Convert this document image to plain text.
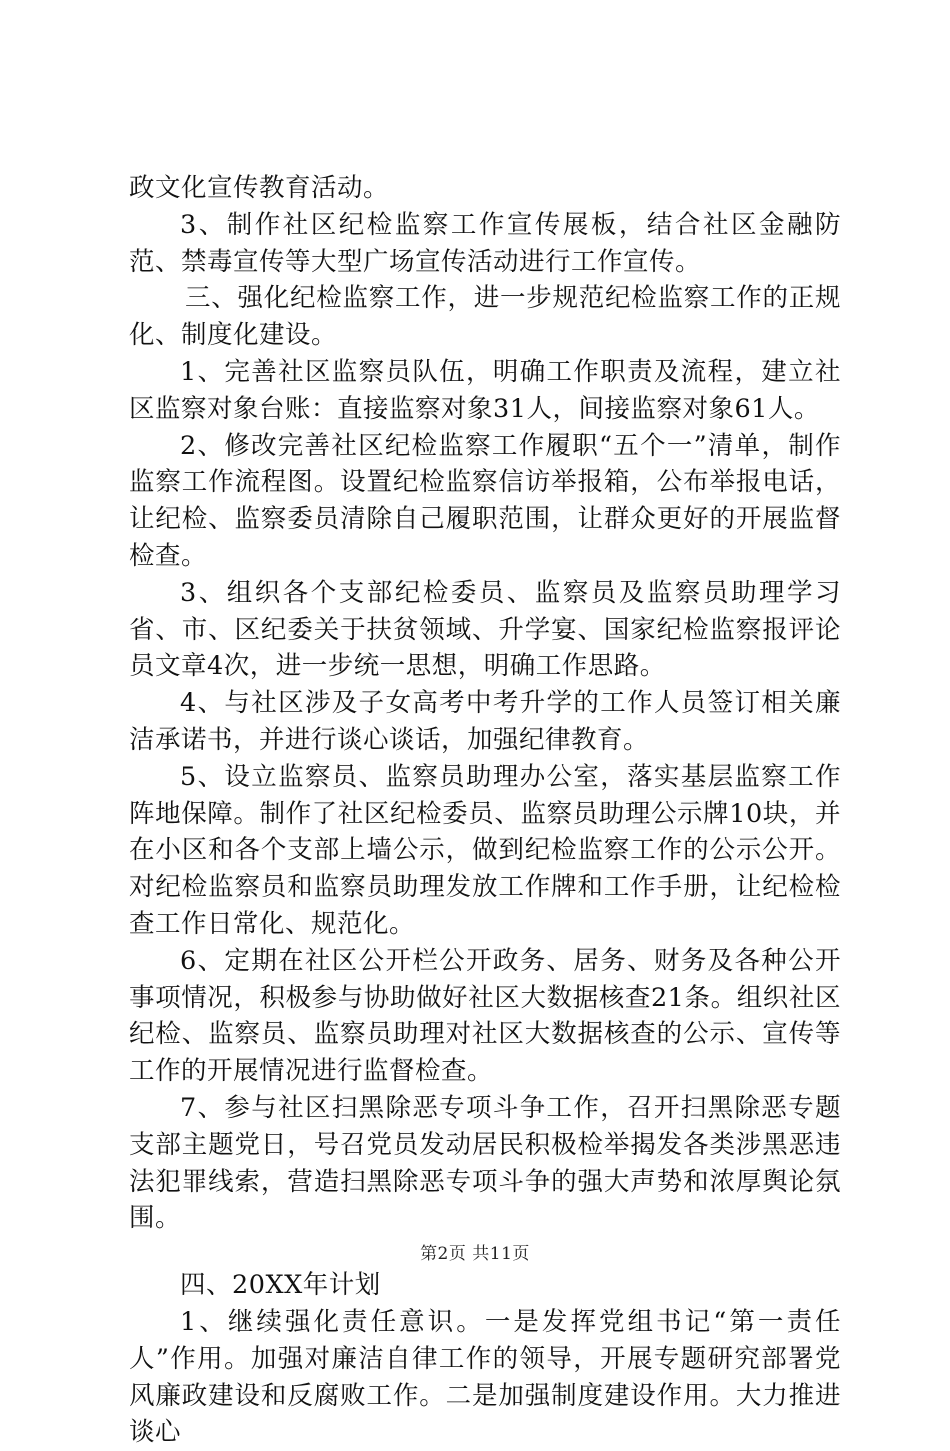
政文化宣传教育活动。

3、制作社区纪检监察工作宣传展板，结合社区金融防范、禁毒宣传等大型广场宣传活动进行工作宣传。

三、强化纪检监察工作，进一步规范纪检监察工作的正规化、制度化建设。

1、完善社区监察员队伍，明确工作职责及流程，建立社区监察对象台账：直接监察对象31人，间接监察对象61人。

2、修改完善社区纪检监察工作履职“五个一”清单，制作监察工作流程图。设置纪检监察信访举报箱，公布举报电话，让纪检、监察委员清除自己履职范围，让群众更好的开展监督检查。

3、组织各个支部纪检委员、监察员及监察员助理学习省、市、区纪委关于扶贫领域、升学宴、国家纪检监察报评论员文章4次，进一步统一思想，明确工作思路。

4、与社区涉及子女高考中考升学的工作人员签订相关廉洁承诺书，并进行谈心谈话，加强纪律教育。

5、设立监察员、监察员助理办公室，落实基层监察工作阵地保障。制作了社区纪检委员、监察员助理公示牌10块，并在小区和各个支部上墙公示，做到纪检监察工作的公示公开。对纪检监察员和监察员助理发放工作牌和工作手册，让纪检检查工作日常化、规范化。

6、定期在社区公开栏公开政务、居务、财务及各种公开事项情况，积极参与协助做好社区大数据核查21条。组织社区纪检、监察员、监察员助理对社区大数据核查的公示、宣传等工作的开展情况进行监督检查。

7、参与社区扫黑除恶专项斗争工作，召开扫黑除恶专题支部主题党日，号召党员发动居民积极检举揭发各类涉黑恶违法犯罪线索，营造扫黑除恶专项斗争的强大声势和浓厚舆论氛围。

四、20XX年计划

1、继续强化责任意识。一是发挥党组书记“第一责任人”作用。加强对廉洁自律工作的领导，开展专题研究部署党风廉政建设和反腐败工作。二是加强制度建设作用。大力推进谈心

第2页 共11页
